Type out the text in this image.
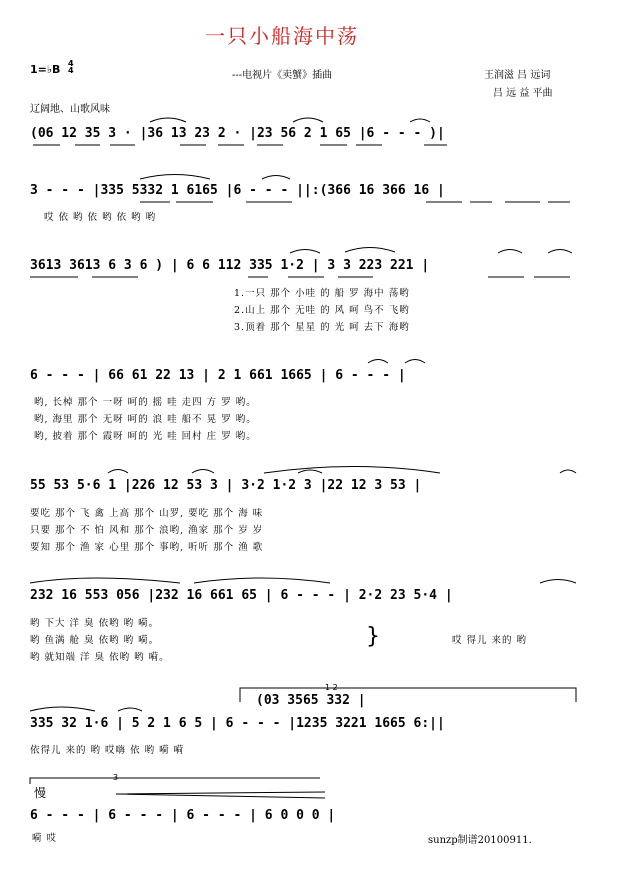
一只小船海中荡
1=♭B 4
4	---电视片《卖蟹》插曲	王润滋 吕 远词
吕 远 益 平曲
辽阔地、山歌风味
(06 12 35 3 · |36 13 23 2 · |23 56 2 1 65 |6 - - - )|
3 - - - |335 5332 1 6165 |6 - - - ||:(366 16 366 16 |
哎 依 哟 依 哟 依 哟 哟
3613 3613 6 3 6 ) | 6 6 112 335 1·2 | 3 3 223 221 |
1.一只 那个 小哇 的 船 罗 海中 荡哟
2.山上 那个 无哇 的 风 呵 鸟不 飞哟
3.顶着 那个 星星 的 光 呵 去下 海哟
6 - - - | 66 61 22 13 | 2 1 661 1665 | 6 - - - |
哟, 长棹 那个 一呀 呵的 摇 哇 走四 方 罗 哟。
哟, 海里 那个 无呀 呵的 浪 哇 船不 晃 罗 哟。
哟, 披着 那个 霞呀 呵的 光 哇 回村 庄 罗 哟。
55 53 5·6 1 |226 12 53 3 | 3·2 1·2 3 |22 12 3 53 |
要吃 那个 飞 禽 上高 那个 山罗, 要吃 那个 海 味
只要 那个 不 怕 风和 那个 浪哟, 渔家 那个 岁 岁
要知 那个 渔 家 心里 那个 事哟, 听听 那个 渔 歌
232 16 553 056 |232 16 661 65 | 6 - - - | 2·2 23 5·4 |
哟 下大 洋 臭 依哟 哟 嗬。
哟 鱼满 舱 臭 依哟 哟 嗬。
哟 就知端 洋 臭 依哟 哟 嗬。
}	哎 得儿 来的 哟
1 2
(03 3565 332 |
335 32 1·6 | 5 2 1 6 5 | 6 - - - |1235 3221 1665 6:||
依得儿 来的 哟 哎嗨 依 哟 嗬 嗬
慢
3
6 - - - | 6 - - - | 6 - - - | 6 0 0 0 |
嗬 哎	sunzp制谱20100911.
